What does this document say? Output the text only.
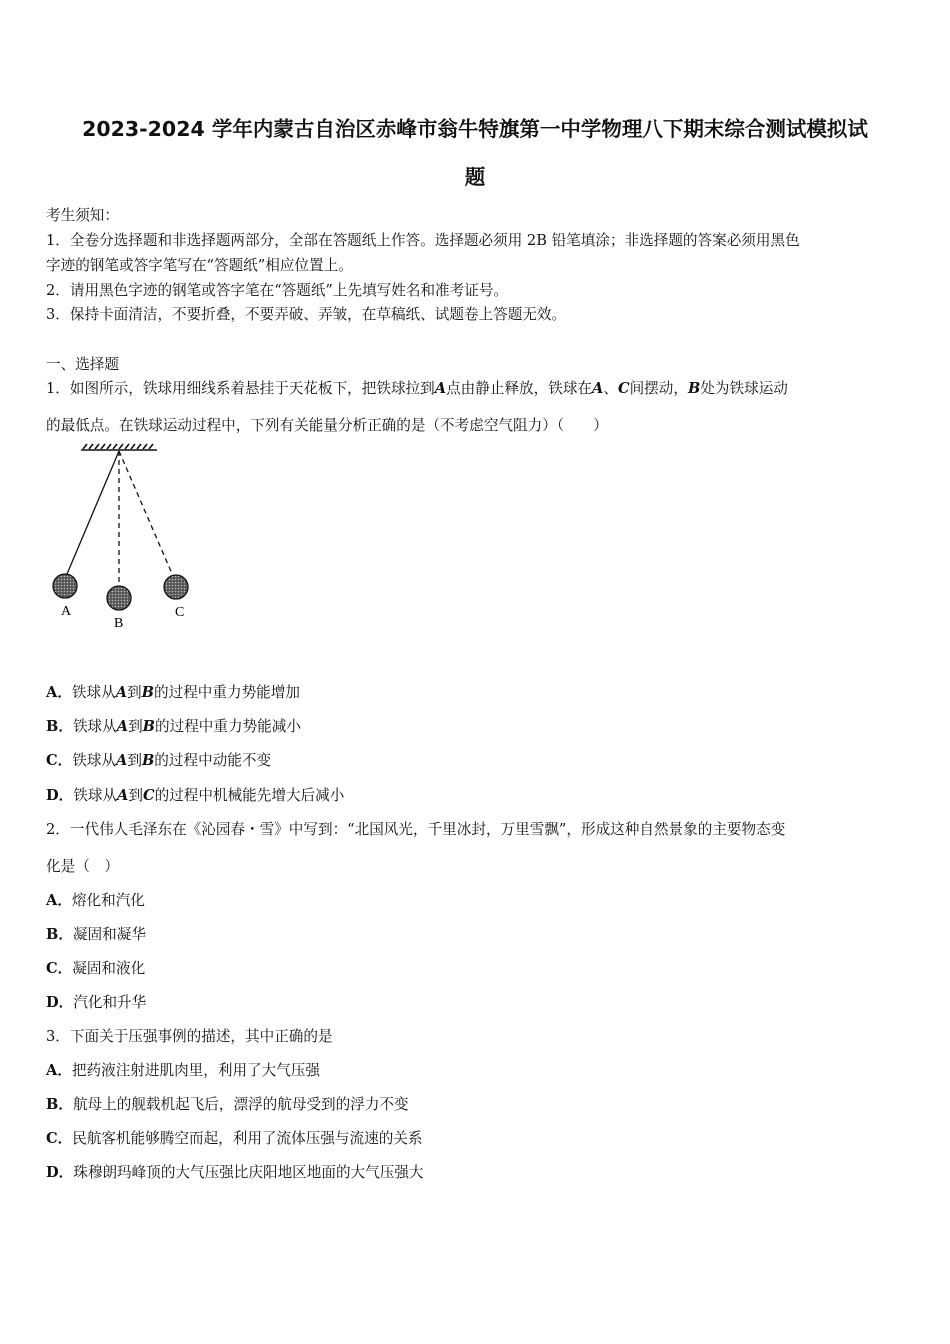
2023-2024 学年内蒙古自治区赤峰市翁牛特旗第一中学物理八下期末综合测试模拟试
题
考生须知：
1．全卷分选择题和非选择题两部分，全部在答题纸上作答。选择题必须用 2B 铅笔填涂；非选择题的答案必须用黑色
字迹的钢笔或答字笔写在“答题纸”相应位置上。
2．请用黑色字迹的钢笔或答字笔在“答题纸”上先填写姓名和准考证号。
3．保持卡面清洁，不要折叠，不要弄破、弄皱，在草稿纸、试题卷上答题无效。
一、选择题
1．如图所示，铁球用细线系着悬挂于天花板下，把铁球拉到A点由静止释放，铁球在A、C间摆动，B处为铁球运动
的最低点。在铁球运动过程中，下列有关能量分析正确的是（不考虑空气阻力）（　　）
A
B
C
A．铁球从A到B的过程中重力势能增加
B．铁球从A到B的过程中重力势能减小
C．铁球从A到B的过程中动能不变
D．铁球从A到C的过程中机械能先增大后减小
2．一代伟人毛泽东在《沁园春・雪》中写到：“北国风光，千里冰封，万里雪飘”，形成这种自然景象的主要物态变
化是（　）
A．熔化和汽化
B．凝固和凝华
C．凝固和液化
D．汽化和升华
3．下面关于压强事例的描述，其中正确的是
A．把药液注射进肌肉里，利用了大气压强
B．航母上的舰载机起飞后，漂浮的航母受到的浮力不变
C．民航客机能够腾空而起，利用了流体压强与流速的关系
D．珠穆朗玛峰顶的大气压强比庆阳地区地面的大气压强大
